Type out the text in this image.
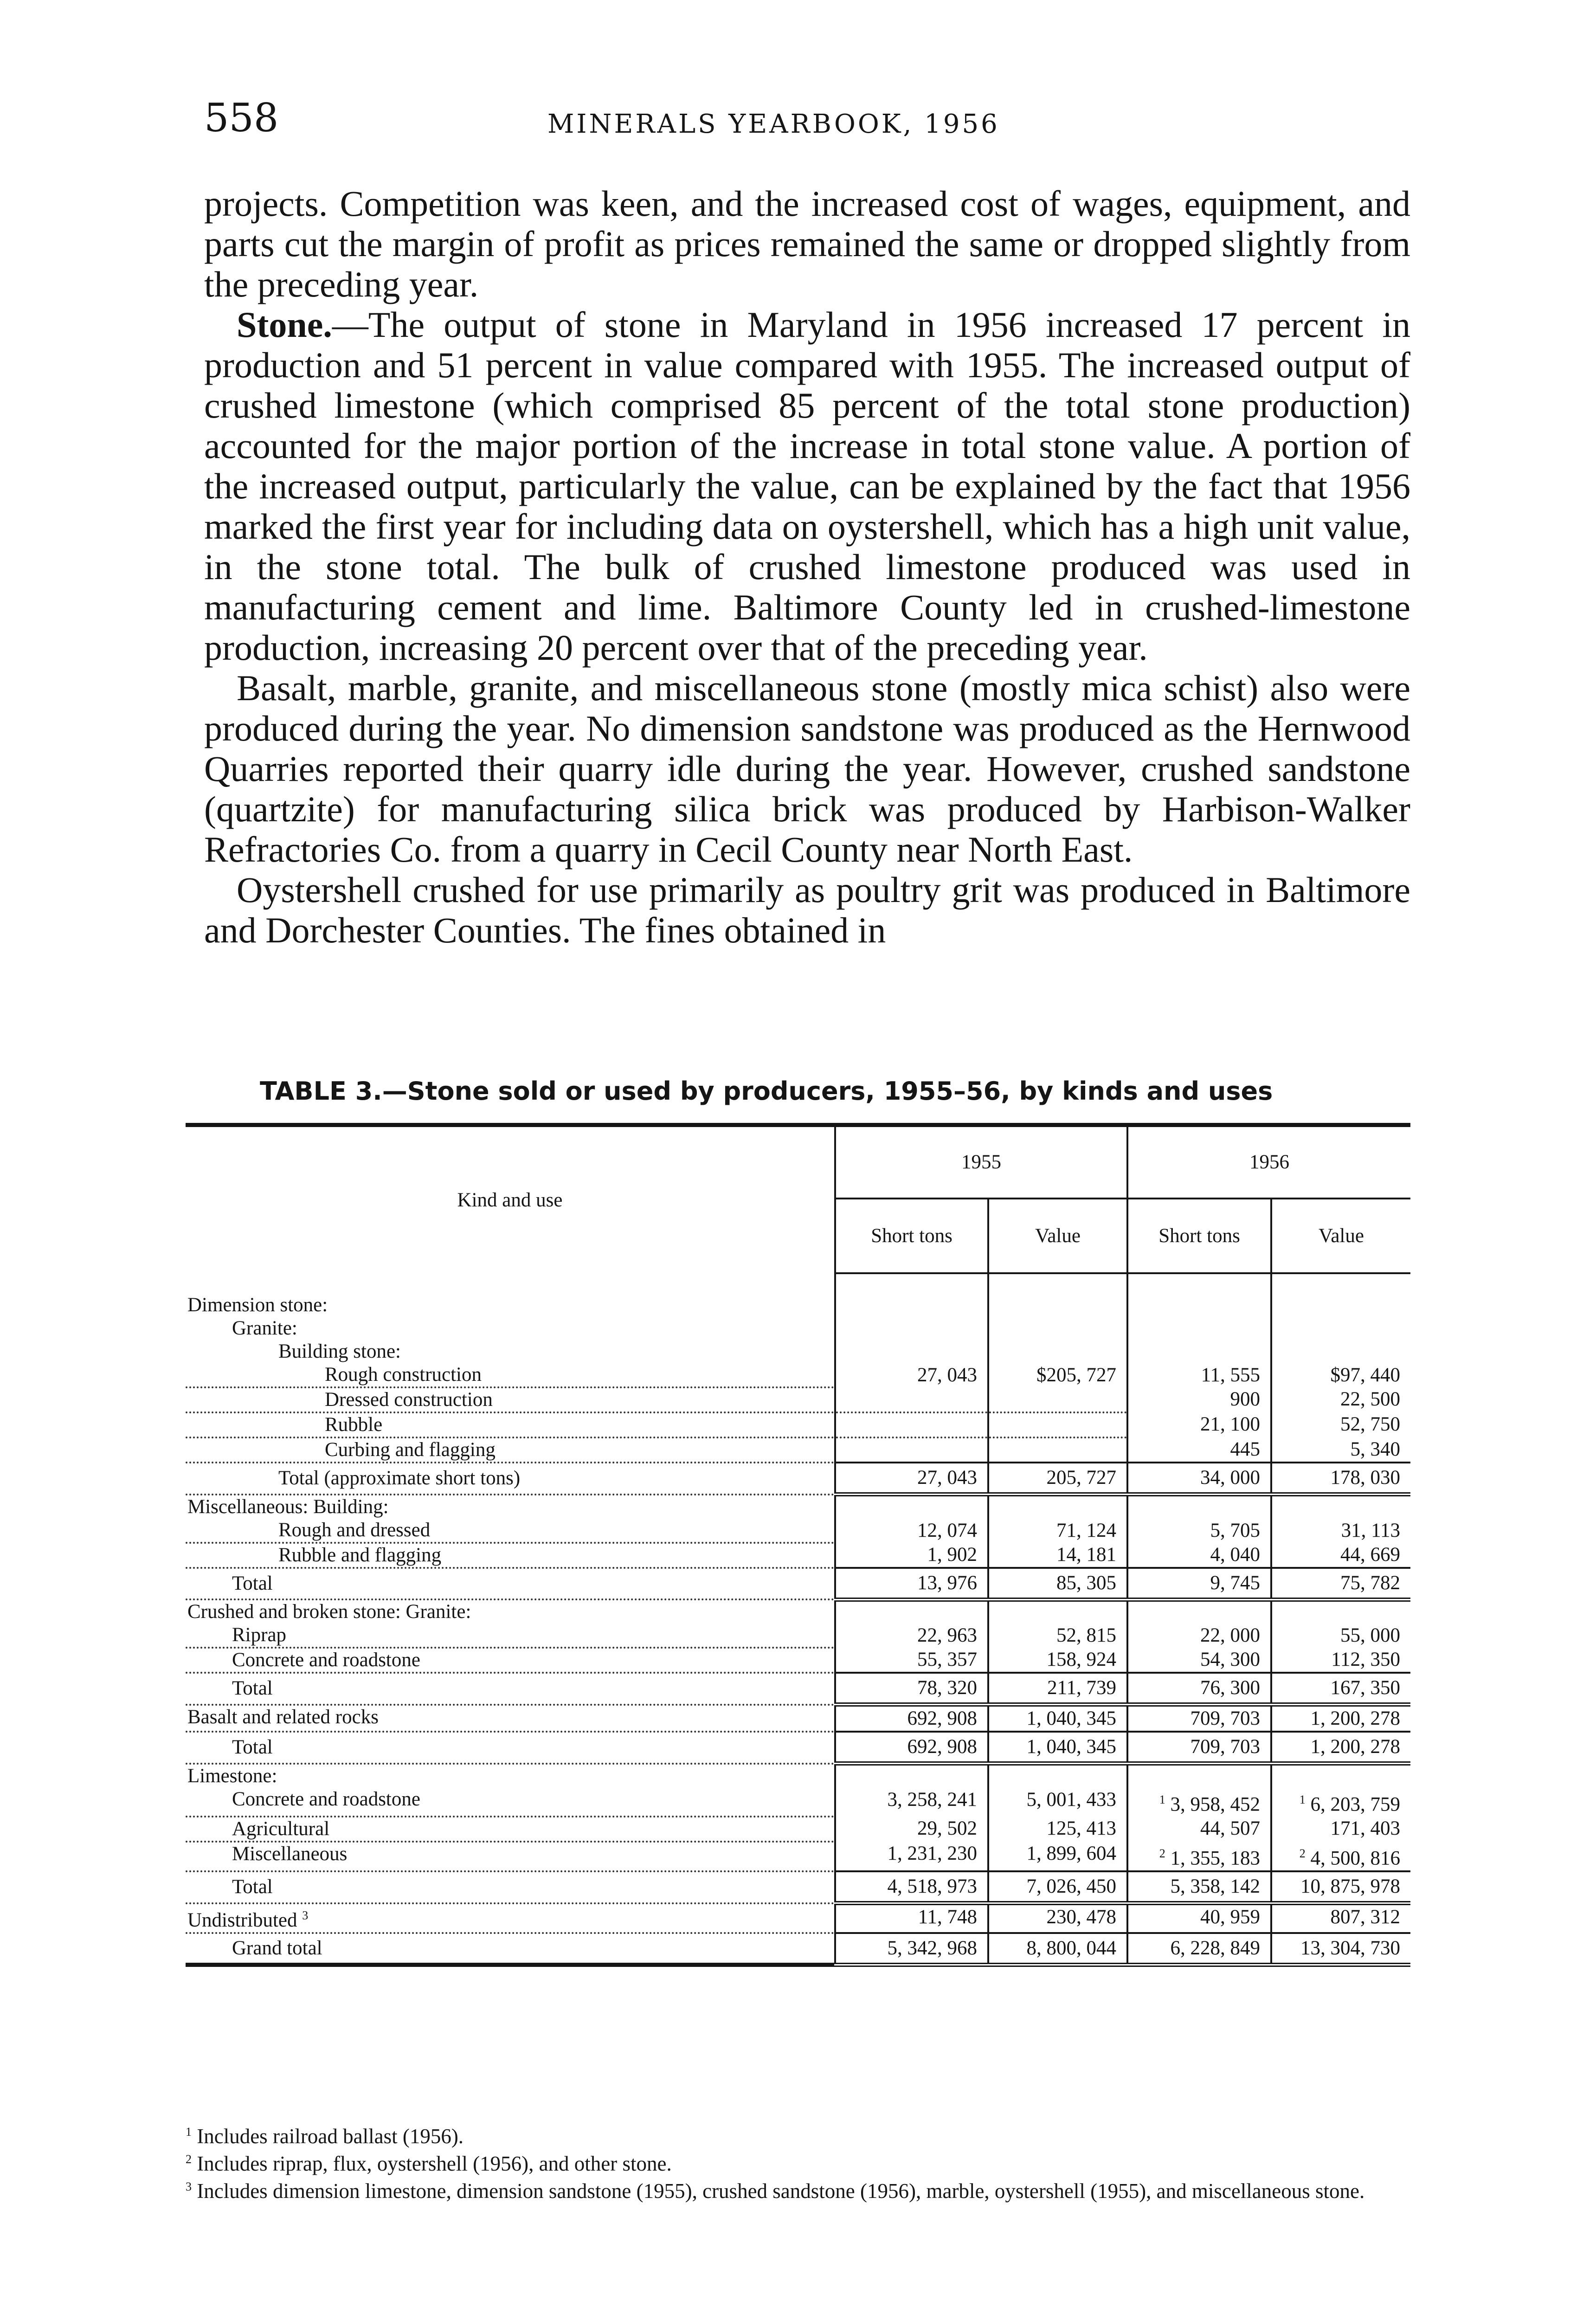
558	MINERALS YEARBOOK, 1956

projects. Competition was keen, and the increased cost of wages, equipment, and parts cut the margin of profit as prices remained the same or dropped slightly from the preceding year.

Stone.—The output of stone in Maryland in 1956 increased 17 percent in production and 51 percent in value compared with 1955. The increased output of crushed limestone (which comprised 85 percent of the total stone production) accounted for the major portion of the increase in total stone value. A portion of the increased output, particularly the value, can be explained by the fact that 1956 marked the first year for including data on oystershell, which has a high unit value, in the stone total. The bulk of crushed limestone produced was used in manufacturing cement and lime. Baltimore County led in crushed-limestone production, increasing 20 percent over that of the preceding year.

Basalt, marble, granite, and miscellaneous stone (mostly mica schist) also were produced during the year. No dimension sandstone was produced as the Hernwood Quarries reported their quarry idle during the year. However, crushed sandstone (quartzite) for manufacturing silica brick was produced by Harbison-Walker Refractories Co. from a quarry in Cecil County near North East.

Oystershell crushed for use primarily as poultry grit was produced in Baltimore and Dorchester Counties. The fines obtained in

TABLE 3.—Stone sold or used by producers, 1955–56, by kinds and uses
Kind and use	1955		1956	
	Short tons	Value	Short tons	Value

Dimension stone:				
Granite:				
Building stone:				
Rough construction	27, 043	$205, 727	11, 555	$97, 440
Dressed construction			900	22, 500
Rubble			21, 100	52, 750
Curbing and flagging			445	5, 340
Total (approximate short tons)	27, 043	205, 727	34, 000	178, 030
Miscellaneous: Building:				
Rough and dressed	12, 074	71, 124	5, 705	31, 113
Rubble and flagging	1, 902	14, 181	4, 040	44, 669
Total	13, 976	85, 305	9, 745	75, 782
Crushed and broken stone: Granite:				
Riprap	22, 963	52, 815	22, 000	55, 000
Concrete and roadstone	55, 357	158, 924	54, 300	112, 350
Total	78, 320	211, 739	76, 300	167, 350
Basalt and related rocks	692, 908	1, 040, 345	709, 703	1, 200, 278
Total	692, 908	1, 040, 345	709, 703	1, 200, 278
Limestone:				
Concrete and roadstone	3, 258, 241	5, 001, 433	$^1$ 3, 958, 452	$^1$ 6, 203, 759
Agricultural	29, 502	125, 413	44, 507	171, 403
Miscellaneous	1, 231, 230	1, 899, 604	$^2$ 1, 355, 183	$^2$ 4, 500, 816
Total	4, 518, 973	7, 026, 450	5, 358, 142	10, 875, 978
Undistributed $^3$	11, 748	230, 478	40, 959	807, 312
Grand total	5, 342, 968	8, 800, 044	6, 228, 849	13, 304, 730

$^1$ Includes railroad ballast (1956).

$^2$ Includes riprap, flux, oystershell (1956), and other stone.

$^3$ Includes dimension limestone, dimension sandstone (1955), crushed sandstone (1956), marble, oystershell (1955), and miscellaneous stone.
